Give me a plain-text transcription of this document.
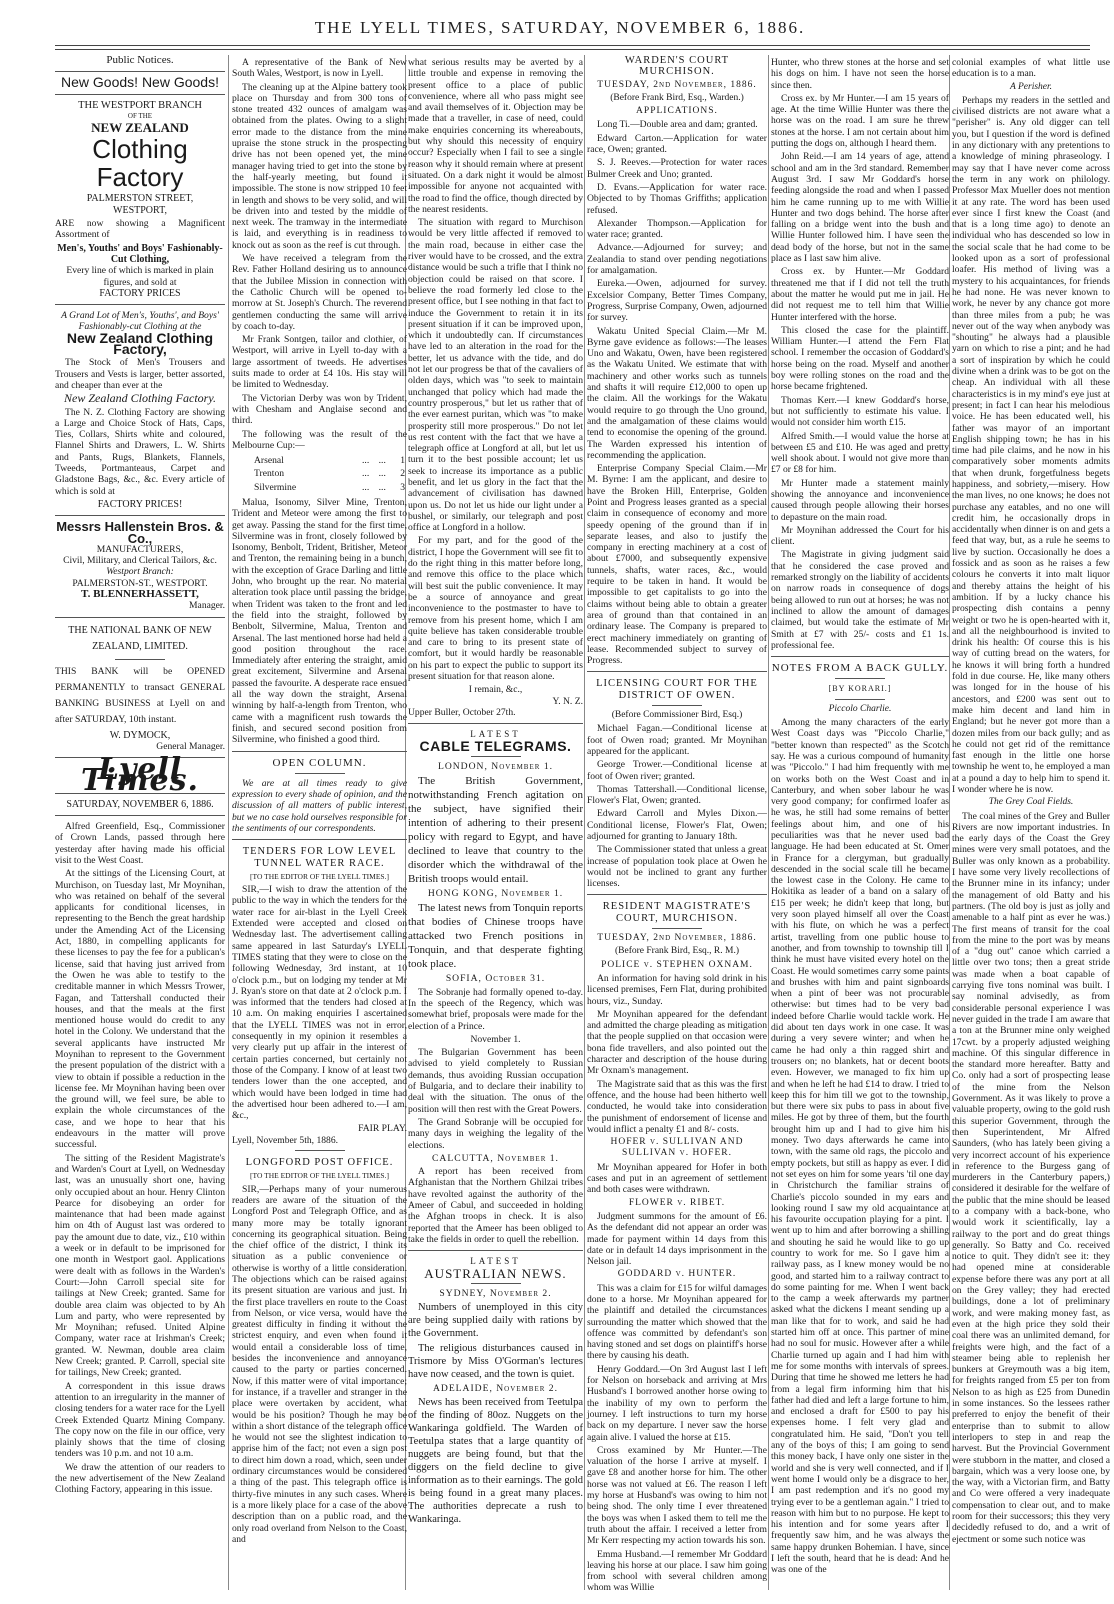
THE LYELL TIMES, SATURDAY, NOVEMBER 6, 1886.
Public Notices.
New Goods! New Goods!
THE WESTPORT BRANCH
OF THE
NEW ZEALAND
Clothing Factory
PALMERSTON STREET,
WESTPORT,

ARE now showing a Magnificent Assortment of

Men's, Youths' and Boys' Fashionably-Cut Clothing,
Every line of which is marked in plain figures, and sold at
FACTORY PRICES
A Grand Lot of Men's, Youths', and Boys' Fashionably-cut Clothing at the
New Zealand Clothing Factory,

The Stock of Men's Trousers and Trousers and Vests is larger, better assorted, and cheaper than ever at the

New Zealand Clothing Factory.

The N. Z. Clothing Factory are showing a Large and Choice Stock of Hats, Caps, Ties, Collars, Shirts white and coloured, Flannel Shirts and Drawers, L. W. Shirts and Pants, Rugs, Blankets, Flannels, Tweeds, Portmanteaus, Carpet and Gladstone Bags, &c., &c. Every article of which is sold at

FACTORY PRICES!
Messrs Hallenstein Bros. & Co.,
MANUFACTURERS,
Civil, Military, and Clerical Tailors, &c.
Westport Branch:
PALMERSTON-ST., WESTPORT.
T. BLENNERHASSETT,
Manager.
THE NATIONAL BANK OF NEW ZEALAND, LIMITED.

THIS BANK will be OPENED PERMANENTLY to transact GENERAL BANKING BUSINESS at Lyell on and after SATURDAY, 10th instant.

W. DYMOCK,
General Manager.
Lyell Times.
SATURDAY, NOVEMBER 6, 1886.

Alfred Greenfield, Esq., Commissioner of Crown Lands, passed through here yesterday after having made his official visit to the West Coast.

At the sittings of the Licensing Court, at Murchison, on Tuesday last, Mr Moynihan, who was retained on behalf of the several applicants for conditional licenses, in representing to the Bench the great hardship under the Amending Act of the Licensing Act, 1880, in compelling applicants for these licenses to pay the fee for a publican's license, said that having just arrived from the Owen he was able to testify to the creditable manner in which Messrs Trower, Fagan, and Tattershall conducted their houses, and that the meals at the first mentioned house would do credit to any hotel in the Colony. We understand that the several applicants have instructed Mr Moynihan to represent to the Government the present population of the district with a view to obtain if possible a reduction in the license fee. Mr Moynihan having been over the ground will, we feel sure, be able to explain the whole circumstances of the case, and we hope to hear that his endeavours in the matter will prove successful.

The sitting of the Resident Magistrate's and Warden's Court at Lyell, on Wednesday last, was an unusually short one, having only occupied about an hour. Henry Clinton Pearce for disobeying an order for maintenance that had been made against him on 4th of August last was ordered to pay the amount due to date, viz., £10 within a week or in default to be imprisoned for one month in Westport gaol. Applications were dealt with as follows in the Warden's Court:—John Carroll special site for tailings at New Creek; granted. Same for double area claim was objected to by Ah Lum and party, who were represented by Mr Moynihan; refused. United Alpine Company, water race at Irishman's Creek; granted. W. Newman, double area claim New Creek; granted. P. Carroll, special site for tailings, New Creek; granted.

A correspondent in this issue draws attention to an irregularity in the manner of closing tenders for a water race for the Lyell Creek Extended Quartz Mining Company. The copy now on the file in our office, very plainly shows that the time of closing tenders was 10 p.m. and not 10 a.m.

We draw the attention of our readers to the new advertisement of the New Zealand Clothing Factory, appearing in this issue.

A representative of the Bank of New South Wales, Westport, is now in Lyell.

The cleaning up at the Alpine battery took place on Thursday and from 300 tons of stone treated 432 ounces of amalgam was obtained from the plates. Owing to a slight error made to the distance from the mine upraise the stone struck in the prospecting drive has not been opened yet, the mine manager having tried to get into the stone by the half-yearly meeting, but found it impossible. The stone is now stripped 10 feet in length and shows to be very solid, and will be driven into and tested by the middle of next week. The tramway in the intermediate is laid, and everything is in readiness to knock out as soon as the reef is cut through.

We have received a telegram from the Rev. Father Holland desiring us to announce that the Jubilee Mission in connection with the Catholic Church will be opened to-morrow at St. Joseph's Church. The reverend gentlemen conducting the same will arrive by coach to-day.

Mr Frank Sontgen, tailor and clothier, of Westport, will arrive in Lyell to-day with a large assortment of tweeds. He advertises suits made to order at £4 10s. His stay will be limited to Wednesday.

The Victorian Derby was won by Trident, with Chesham and Anglaise second and third.

The following was the result of the Melbourne Cup:—

Arsenal	...	...	1
Trenton	...	...	2
Silvermine	...	...	3

Malua, Isonomy, Silver Mine, Trenton, Trident and Meteor were among the first to get away. Passing the stand for the first time, Silvermine was in front, closely followed by Isonomy, Benbolt, Trident, Britisher, Meteor and Trenton, the remaining being in a bunch, with the exception of Grace Darling and little John, who brought up the rear. No material alteration took place until passing the bridge, when Trident was taken to the front and led the field into the straight, followed by Benbolt, Silvermine, Malua, Trenton and Arsenal. The last mentioned horse had held a good position throughout the race. Immediately after entering the straight, amid great excitement, Silvermine and Arsenal passed the favourite. A desperate race ensued all the way down the straight, Arsenal winning by half-a-length from Trenton, who came with a magnificent rush towards the finish, and secured second position from Silvermine, who finished a good third.

OPEN COLUMN.

We are at all times ready to give expression to every shade of opinion, and the discussion of all matters of public interest, but we no case hold ourselves responsible for the sentiments of our correspondents.

TENDERS FOR LOW LEVEL TUNNEL WATER RACE.
[TO THE EDITOR OF THE LYELL TIMES.]

SIR,—I wish to draw the attention of the public to the way in which the tenders for the water race for air-blast in the Lyell Creek Extended were accepted and closed on Wednesday last. The advertisement calling same appeared in last Saturday's LYELL TIMES stating that they were to close on the following Wednesday, 3rd instant, at 10 o'clock p.m., but on lodging my tender at Mr J. Ryan's store on that date at 2 o'clock p.m. I was informed that the tenders had closed at 10 a.m. On making enquiries I ascertained that the LYELL TIMES was not in error, consequently in my opinion it resembles a very clearly put up affair in the interest of certain parties concerned, but certainly not those of the Company. I know of at least two tenders lower than the one accepted, and which would have been lodged in time had the advertised hour been adhered to.—I am, &c.,

FAIR PLAY.
Lyell, November 5th, 1886.
LONGFORD POST OFFICE.
[TO THE EDITOR OF THE LYELL TIMES.]

SIR,—Perhaps many of your numerous readers are aware of the situation of the Longford Post and Telegraph Office, and as many more may be totally ignorant concerning its geographical situation. Being the chief office of the district, I think its situation as a public convenience or otherwise is worthy of a little consideration. The objections which can be raised against its present situation are various and just. In the first place travellers en route to the Coast from Nelson, or vice versa, would have the greatest difficulty in finding it without the strictest enquiry, and even when found it would entail a considerable loss of time, besides the inconvenience and annoyance caused to the party or parties concerned. Now, if this matter were of vital importance; for instance, if a traveller and stranger in the place were overtaken by accident, what would be his position? Though he may be within a short distance of the telegraph office he would not see the slightest indication to apprise him of the fact; not even a sign post to direct him down a road, which, seen under ordinary circumstances would be considered a thing of the past. This telegraph office is thirty-five minutes in any such cases. Where is a more likely place for a case of the above description than on a public road, and the only road overland from Nelson to the Coast, and

what serious results may be averted by a little trouble and expense in removing the present office to a place of public convenience, where all who pass might see and avail themselves of it. Objection may be made that a traveller, in case of need, could make enquiries concerning its whereabouts, but why should this necessity of enquiry occur? Especially when I fail to see a single reason why it should remain where at present situated. On a dark night it would be almost impossible for anyone not acquainted with the road to find the office, though directed by the nearest residents.

The situation with regard to Murchison would be very little affected if removed to the main road, because in either case the river would have to be crossed, and the extra distance would be such a trifle that I think no objection could be raised on that score. I believe the road formerly led close to the present office, but I see nothing in that fact to induce the Government to retain it in its present situation if it can be improved upon, which it undoubtedly can. If circumstances have led to an alteration in the road for the better, let us advance with the tide, and do not let our progress be that of the cavaliers of olden days, which was "to seek to maintain unchanged that policy which had made the country prosperous," but let us rather that of the ever earnest puritan, which was "to make prosperity still more prosperous." Do not let us rest content with the fact that we have a telegraph office at Longford at all, but let us turn it to the best possible account; let us seek to increase its importance as a public benefit, and let us glory in the fact that the advancement of civilisation has dawned upon us. Do not let us hide our light under a bushel, or similarly, our telegraph and post office at Longford in a hollow.

For my part, and for the good of the district, I hope the Government will see fit to do the right thing in this matter before long, and remove this office to the place which will best suit the public convenience. It may be a source of annoyance and great inconvenience to the postmaster to have to remove from his present home, which I am quite believe has taken considerable trouble and care to bring to its present state of comfort, but it would hardly be reasonable on his part to expect the public to support its present situation for that reason alone.

I remain, &c.,
Y. N. Z.
Upper Buller, October 27th.
LATEST
CABLE TELEGRAMS.
LONDON, November 1.

The British Government, notwithstanding French agitation on the subject, have signified their intention of adhering to their present policy with regard to Egypt, and have declined to leave that country to the disorder which the withdrawal of the British troops would entail.

HONG KONG, November 1.

The latest news from Tonquin reports that bodies of Chinese troops have attacked two French positions in Tonquin, and that desperate fighting took place.

SOFIA, October 31.

The Sobranje had formally opened to-day. In the speech of the Regency, which was somewhat brief, proposals were made for the election of a Prince.

November 1.

The Bulgarian Government has been advised to yield completely to Russian demands, thus avoiding Russian occupation of Bulgaria, and to declare their inability to deal with the situation. The onus of the position will then rest with the Great Powers.

The Grand Sobranje will be occupied for many days in weighing the legality of the elections.

CALCUTTA, November 1.

A report has been received from Afghanistan that the Northern Ghilzai tribes have revolted against the authority of the Ameer of Cabul, and succeeded in holding the Afghan troops in check. It is also reported that the Ameer has been obliged to take the fields in order to quell the rebellion.

LATEST
AUSTRALIAN NEWS.
SYDNEY, November 2.

Numbers of unemployed in this city are being supplied daily with rations by the Government.

The religious disturbances caused in Trismore by Miss O'Gorman's lectures have now ceased, and the town is quiet.

ADELAIDE, November 2.

News has been received from Teetulpa of the finding of 80oz. Nuggets on the Wankaringa goldfield. The Warden of Teetulpa states that a large quantity of nuggets are being found, but that the diggers on the field decline to give information as to their earnings. The gold is being found in a great many places. The authorities deprecate a rush to Wankaringa.

WARDEN'S COURT MURCHISON.
TUESDAY, 2nd November, 1886.
(Before Frank Bird, Esq., Warden.)
APPLICATIONS.

Long Ti.—Double area and dam; granted.

Edward Carton.—Application for water race, Owen; granted.

S. J. Reeves.—Protection for water races Bulmer Creek and Uno; granted.

D. Evans.—Application for water race. Objected to by Thomas Griffiths; application refused.

Alexander Thompson.—Application for water race; granted.

Advance.—Adjourned for survey; and Zealandia to stand over pending negotiations for amalgamation.

Eureka.—Owen, adjourned for survey. Excelsior Company, Better Times Company, Progress, Surprise Company, Owen, adjourned for survey.

Wakatu United Special Claim.—Mr M. Byrne gave evidence as follows:—The leases Uno and Wakatu, Owen, have been registered as the Wakatu United. We estimate that with machinery and other works such as tunnels and shafts it will require £12,000 to open up the claim. All the workings for the Wakatu would require to go through the Uno ground, and the amalgamation of these claims would tend to economise the opening of the ground. The Warden expressed his intention of recommending the application.

Enterprise Company Special Claim.—Mr M. Byrne: I am the applicant, and desire to have the Broken Hill, Enterprise, Golden Point and Progress leases granted as a special claim in consequence of economy and more speedy opening of the ground than if in separate leases, and also to justify the company in erecting machinery at a cost of about £7000, and subsequently expensive tunnels, shafts, water races, &c., would require to be taken in hand. It would be impossible to get capitalists to go into the claims without being able to obtain a greater area of ground than that contained in an ordinary lease. The Company is prepared to erect machinery immediately on granting of lease. Recommended subject to survey of Progress.

LICENSING COURT FOR THE DISTRICT OF OWEN.
(Before Commissioner Bird, Esq.)

Michael Fagan.—Conditional license at foot of Owen road; granted. Mr Moynihan appeared for the applicant.

George Trower.—Conditional license at foot of Owen river; granted.

Thomas Tattershall.—Conditional license, Flower's Flat, Owen; granted.

Edward Carroll and Myles Dixon.—Conditional license, Flower's Flat, Owen; adjourned for granting to January 18th.

The Commissioner stated that unless a great increase of population took place at Owen he would not be inclined to grant any further licenses.

RESIDENT MAGISTRATE'S COURT, MURCHISON.
TUESDAY, 2nd November, 1886.
(Before Frank Bird, Esq., R. M.)
POLICE v. STEPHEN OXNAM.

An information for having sold drink in his licensed premises, Fern Flat, during prohibited hours, viz., Sunday.

Mr Moynihan appeared for the defendant and admitted the charge pleading as mitigation that the people supplied on that occasion were bona fide travellers, and also pointed out the character and description of the house during Mr Oxnam's management.

The Magistrate said that as this was the first offence, and the house had been hitherto well conducted, he would take into consideration the punishment of endorsement of license and would inflict a penalty £1 and 8/- costs.

HOFER v. SULLIVAN AND SULLIVAN v. HOFER.

Mr Moynihan appeared for Hofer in both cases and put in an agreement of settlement and both cases were withdrawn.

FLOWER v. RIBET.

Judgment summons for the amount of £6. As the defendant did not appear an order was made for payment within 14 days from this date or in default 14 days imprisonment in the Nelson jail.

GODDARD v. HUNTER.

This was a claim for £15 for wilful damages done to a horse. Mr Moynihan appeared for the plaintiff and detailed the circumstances surrounding the matter which showed that the offence was committed by defendant's son having stoned and set dogs on plaintiff's horse there by causing his death.

Henry Goddard.—On 3rd August last I left for Nelson on horseback and arriving at Mrs Husband's I borrowed another horse owing to the inability of my own to perform the journey. I left instructions to turn my horse back on my departure. I never saw the horse again alive. I valued the horse at £15.

Cross examined by Mr Hunter.—The valuation of the horse I arrive at myself. I gave £8 and another horse for him. The other horse was not valued at £6. The reason I left my horse at Husband's was owing to him not being shod. The only time I ever threatened the boys was when I asked them to tell me the truth about the affair. I received a letter from Mr Kerr respecting my action towards his son.

Emma Husband.—I remember Mr Goddard leaving his horse at our place. I saw him going from school with several children among whom was Willie

Hunter, who threw stones at the horse and set his dogs on him. I have not seen the horse since then.

Cross ex. by Mr Hunter.—I am 15 years of age. At the time Willie Hunter was there the horse was on the road. I am sure he threw stones at the horse. I am not certain about him putting the dogs on, although I heard them.

John Reid.—I am 14 years of age, attend school and am in the 3rd standard. Remember August 3rd. I saw Mr Goddard's horse feeding alongside the road and when I passed him he came running up to me with Willie Hunter and two dogs behind. The horse after falling on a bridge went into the bush and Willie Hunter followed him. I have seen the dead body of the horse, but not in the same place as I last saw him alive.

Cross ex. by Hunter.—Mr Goddard threatened me that if I did not tell the truth about the matter he would put me in jail. He did not request me to tell him that Willie Hunter interfered with the horse.

This closed the case for the plaintiff. William Hunter.—I attend the Fern Flat school. I remember the occasion of Goddard's horse being on the road. Myself and another boy were rolling stones on the road and the horse became frightened.

Thomas Kerr.—I knew Goddard's horse, but not sufficiently to estimate his value. I would not consider him worth £15.

Alfred Smith.—I would value the horse at between £5 and £10. He was aged and pretty well shook about. I would not give more than £7 or £8 for him.

Mr Hunter made a statement mainly showing the annoyance and inconvenience caused through people allowing their horses to depasture on the main road.

Mr Moynihan addressed the Court for his client.

The Magistrate in giving judgment said that he considered the case proved and remarked strongly on the liability of accidents on narrow roads in consequence of dogs being allowed to run out at horses; he was not inclined to allow the amount of damages claimed, but would take the estimate of Mr Smith at £7 with 25/- costs and £1 1s. professional fee.

NOTES FROM A BACK GULLY.
[BY KORARI.]
Piccolo Charlie.

Among the many characters of the early West Coast days was "Piccolo Charlie," "better known than respected" as the Scotch say. He was a curious compound of humanity was "Piccolo." I had him frequently with me on works both on the West Coast and in Canterbury, and when sober labour he was very good company; for confirmed loafer as he was, he still had some remains of better feelings about him, and one of his peculiarities was that he never used bad language. He had been educated at St. Omer in France for a clergyman, but gradually descended in the social scale till he became the lowest case in the Colony. He came to Hokitika as leader of a band on a salary of £15 per week; he didn't keep that long, but very soon played himself all over the Coast with his flute, on which he was a perfect artist, travelling from one public house to another, and from township to township till I think he must have visited every hotel on the Coast. He would sometimes carry some paints and brushes with him and paint signboards when a pint of beer was not procurable otherwise: but times had to be very bad indeed before Charlie would tackle work. He did about ten days work in one case. It was during a very severe winter; and when he came he had only a thin ragged shirt and trousers on; no blankets, hat or decent boots even. However, we managed to fix him up and when he left he had £14 to draw. I tried to keep this for him till we got to the township, but there were six pubs to pass in about five miles. He got by three of them, but the fourth brought him up and I had to give him his money. Two days afterwards he came into town, with the same old rags, the piccolo and empty pockets, but still as happy as ever. I did not set eyes on him for some years 'til one day in Christchurch the familiar strains of Charlie's piccolo sounded in my ears and looking round I saw my old acquaintance at his favourite occupation playing for a pint. I went up to him and after borrowing a shilling and shouting he said he would like to go up country to work for me. So I gave him a railway pass, as I knew money would be no good, and started him to a railway contract to do some painting for me. When I went back to the camp a week afterwards my partner asked what the dickens I meant sending up a man like that for to work, and said he had started him off at once. This partner of mine had no soul for music. However after a while Charlie turned up again and I had him with me for some months with intervals of sprees. During that time he showed me letters he had from a legal firm informing him that his father had died and left a large fortune to him, and enclosed a draft for £500 to pay his expenses home. I felt very glad and congratulated him. He said, "Don't you tell any of the boys of this; I am going to send this money back, I have only one sister in the world and she is very well connected, and if I went home I would only be a disgrace to her, I am past redemption and it's no good my trying ever to be a gentleman again." I tried to reason with him but to no purpose. He kept to his intention and for some years after I frequently saw him, and he was always the same happy drunken Bohemian. I have, since I left the south, heard that he is dead: And he was one of the

colonial examples of what little use education is to a man.

A Perisher.

Perhaps my readers in the settled and civilised districts are not aware what a "perisher" is. Any old digger can tell you, but I question if the word is defined in any dictionary with any pretentions to a knowledge of mining phraseology. I may say that I have never come across the term in any work on philology. Professor Max Mueller does not mention it at any rate. The word has been used ever since I first knew the Coast (and that is a long time ago) to denote an individual who has descended so low in the social scale that he had come to be looked upon as a sort of professional loafer. His method of living was a mystery to his acquaintances, for friends he had none. He was never known to work, he never by any chance got more than three miles from a pub; he was never out of the way when anybody was "shouting" he always had a plausible yarn on which to rise a pint; and he had a sort of inspiration by which he could divine when a drink was to be got on the cheap. An individual with all these characteristics is in my mind's eye just at present; in fact I can hear his melodious voice. He has been educated well, his father was mayor of an important English shipping town; he has in his time had pile claims, and he now in his comparatively sober moments admits that when drunk, forgetfulness begets happiness, and sobriety,—misery. How the man lives, no one knows; he does not purchase any eatables, and no one will credit him, he occasionally drops in accidentally when dinner is on and gets a feed that way, but, as a rule he seems to live by suction. Occasionally he does a fossick and as soon as he raises a few colours he converts it into malt liquor and thereby attains the height of his ambition. If by a lucky chance his prospecting dish contains a penny weight or two he is open-hearted with it, and all the neighbourhood is invited to drink his health: Of course this is his way of cutting bread on the waters, for he knows it will bring forth a hundred fold in due course. He, like many others was longed for in the house of his ancestors, and £200 was sent out to make him decent and land him in England; but he never got more than a dozen miles from our back gully; and as he could not get rid of the remittance fast enough in the little one horse township he went to, he employed a man at a pound a day to help him to spend it. I wonder where he is now.

The Grey Coal Fields.

The coal mines of the Grey and Buller Rivers are now important industries. In the early days of the Coast the Grey mines were very small potatoes, and the Buller was only known as a probability. I have some very lively recollections of the Brunner mine in its infancy; under the management of old Batty and his partners. (The old boy is just as jolly and amenable to a half pint as ever he was.) The first means of transit for the coal from the mine to the port was by means of a "dug out" canoe which carried a little over two tons; then a great stride was made when a boat capable of carrying five tons nominal was built. I say nominal advisedly, as from considerable personal experience I was never guided in the trade I am aware that a ton at the Brunner mine only weighed 17cwt. by a properly adjusted weighing machine. Of this singular difference in the standard more hereafter. Batty and Co. only had a sort of prospecting lease of the mine from the Nelson Government. As it was likely to prove a valuable property, owing to the gold rush this superior Government, through the then Superintendent, Mr Alfred Saunders, (who has lately been giving a very incorrect account of his experience in reference to the Burgess gang of murderers in the Canterbury papers,) considered it desirable for the welfare of the public that the mine should be leased to a company with a back-bone, who would work it scientifically, lay a railway to the port and do great things generally. So Batty and Co. received notice to quit. They didn't see it: they had opened mine at considerable expense before there was any port at all on the Grey valley; they had erected buildings, done a lot of preliminary work, and were making money fast, as even at the high price they sold their coal there was an unlimited demand, for freights were high, and the fact of a steamer being able to replenish her bunkers at Greymouth was a big item, for freights ranged from £5 per ton from Nelson to as high as £25 from Dunedin in some instances. So the lessees rather preferred to enjoy the benefit of their enterprise than to submit to allow interlopers to step in and reap the harvest. But the Provincial Government were stubborn in the matter, and closed a bargain, which was a very loose one, by the way, with a Victorian firm, and Batty and Co were offered a very inadequate compensation to clear out, and to make room for their successors; this they very decidedly refused to do, and a writ of ejectment or some such notice was
